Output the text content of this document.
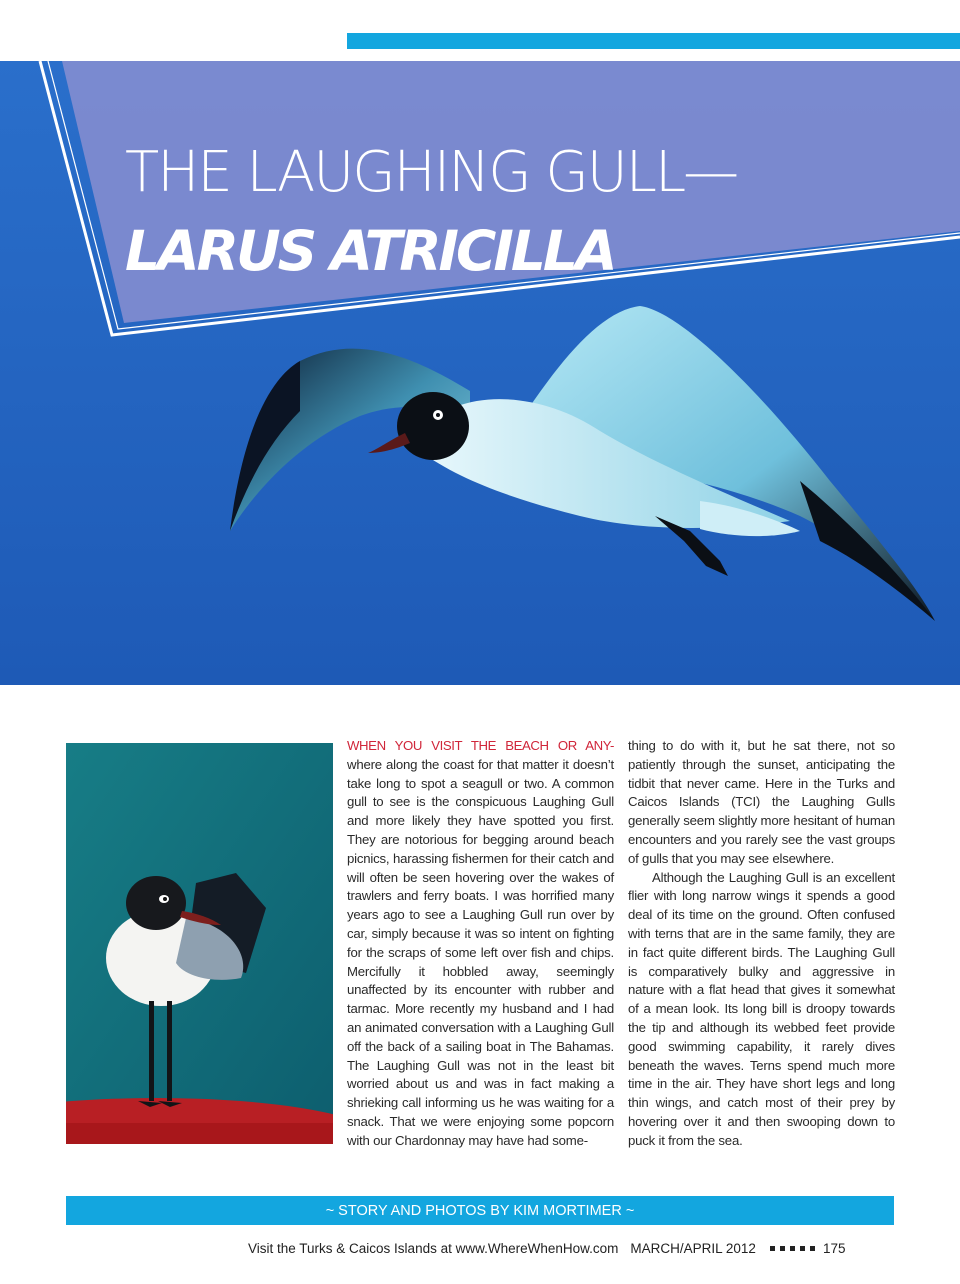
THE LAUGHING GULL—
LARUS ATRICILLA

WHEN YOU VISIT THE BEACH OR ANY- where along the coast for that matter it doesn’t take long to spot a seagull or two. A common gull to see is the conspicuous Laughing Gull and more likely they have spotted you first. They are notorious for begging around beach picnics, harassing fishermen for their catch and will often be seen hovering over the wakes of trawlers and ferry boats. I was horrified many years ago to see a Laughing Gull run over by car, simply because it was so intent on fighting for the scraps of some left over fish and chips. Mercifully it hobbled away, seemingly unaffected by its encounter with rubber and tarmac. More recently my husband and I had an animated conversation with a Laughing Gull off the back of a sailing boat in The Bahamas. The Laughing Gull was not in the least bit worried about us and was in fact making a shrieking call informing us he was waiting for a snack. That we were enjoying some popcorn with our Chardonnay may have had some-

thing to do with it, but he sat there, not so patiently through the sunset, anticipating the tidbit that never came. Here in the Turks and Caicos Islands (TCI) the Laughing Gulls generally seem slightly more hesitant of human encounters and you rarely see the vast groups of gulls that you may see elsewhere.

Although the Laughing Gull is an excellent flier with long narrow wings it spends a good deal of its time on the ground. Often confused with terns that are in the same family, they are in fact quite different birds. The Laughing Gull is comparatively bulky and aggressive in nature with a flat head that gives it somewhat of a mean look. Its long bill is droopy towards the tip and although its webbed feet provide good swimming capability, it rarely dives beneath the waves. Terns spend much more time in the air. They have short legs and long thin wings, and catch most of their prey by hovering over it and then swooping down to puck it from the sea.

~ STORY AND PHOTOS BY KIM MORTIMER ~
Visit the Turks & Caicos Islands at www.WhereWhenHow.com MARCH/APRIL 2012	175
